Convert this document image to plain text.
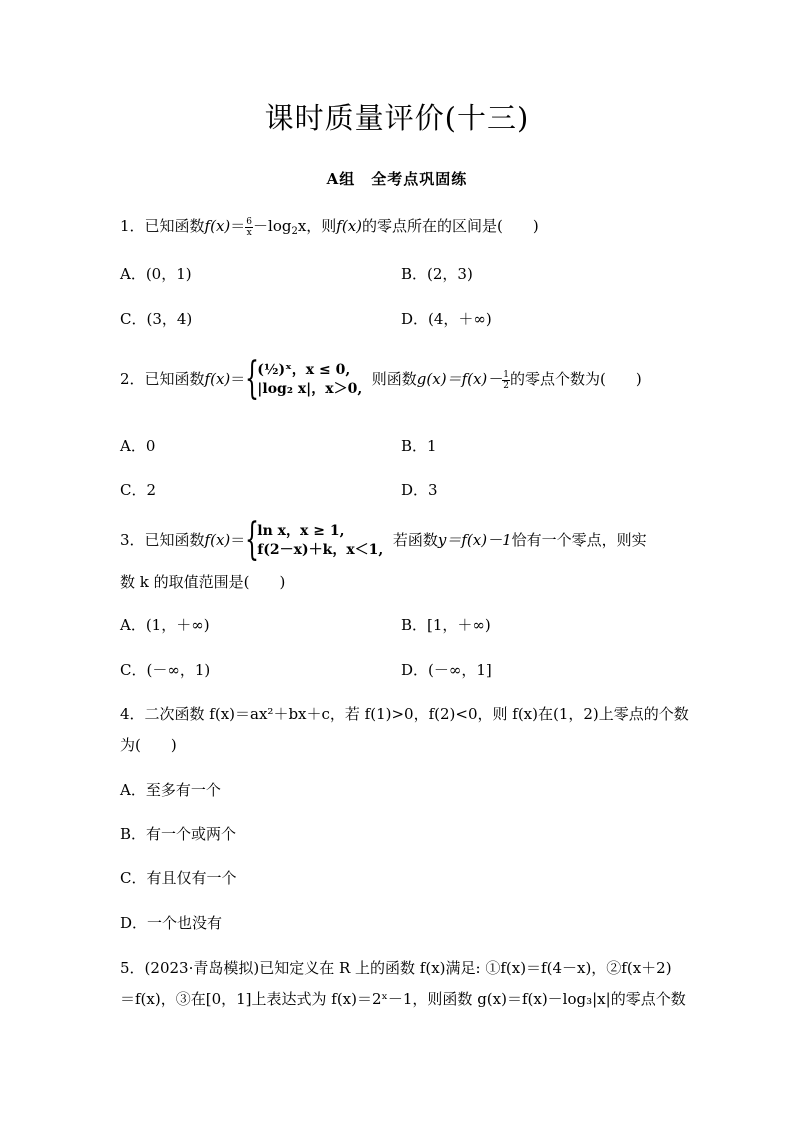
课时质量评价(十三)
A组　全考点巩固练
1．已知函数$f(x)= \frac{6}{x} -\log_2x$，则f(x)的零点所在的区间是(　　)
A．(0，1)	B．(2，3)
C．(3，4)	D．(4，＋∞)
2．已知函数f(x)＝ {
(½)ˣ，x ≤ 0,
|log₂ x|，x＞0,
则函数$g(x)=f(x)- \frac{1}{2}$ 的零点个数为(　　)
A．0	B．1
C．2	D．3
3．已知函数f(x)＝ {
ln x，x ≥ 1,
f(2－x)＋k，x＜1,
若函数y＝f(x)－1恰有一个零点，则实
数 k 的取值范围是(　　)
A．(1，＋∞)	B．[1，＋∞)
C．(－∞，1)	D．(－∞，1]
4．二次函数 f(x)＝ax²＋bx＋c，若 f(1)>0，f(2)<0，则 f(x)在(1，2)上零点的个数
为(　　)
A．至多有一个
B．有一个或两个
C．有且仅有一个
D．一个也没有
5．(2023·青岛模拟)已知定义在 R 上的函数 f(x)满足: ①f(x)＝f(4－x)，②f(x＋2)
＝f(x)，③在[0，1]上表达式为 f(x)＝2ˣ－1，则函数 g(x)＝f(x)－log₃|x|的零点个数
